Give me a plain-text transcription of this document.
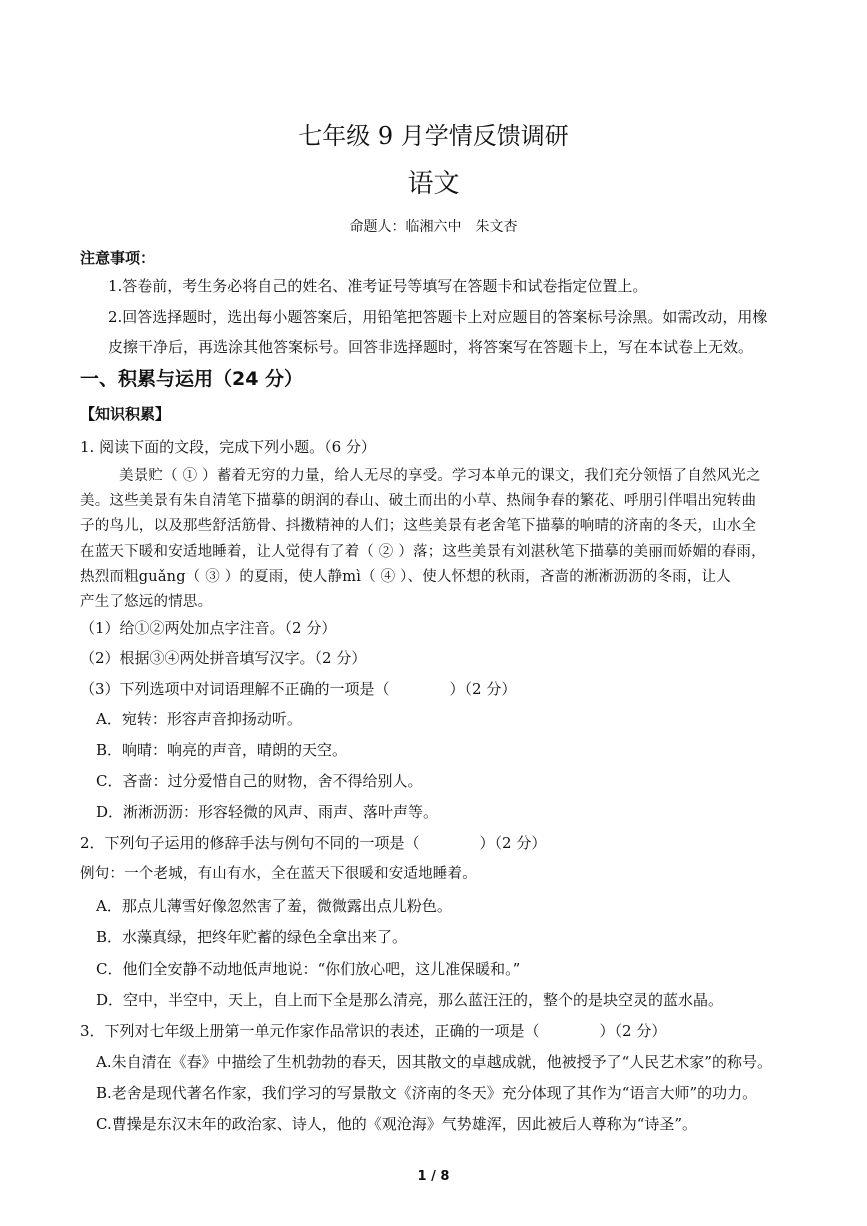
七年级 9 月学情反馈调研
语文
命题人：临湘六中　朱文杏
注意事项：
1.答卷前，考生务必将自己的姓名、准考证号等填写在答题卡和试卷指定位置上。
2.回答选择题时，选出每小题答案后，用铅笔把答题卡上对应题目的答案标号涂黑。如需改动，用橡
皮擦干净后，再选涂其他答案标号。回答非选择题时，将答案写在答题卡上，写在本试卷上无效。
一、积累与运用（24 分）
【知识积累】
1. 阅读下面的文段，完成下列小题。（6 分）
美景贮（ ① ）蓄着无穷的力量，给人无尽的享受。学习本单元的课文，我们充分领悟了自然风光之
美。这些美景有朱自清笔下描摹的朗润的春山、破土而出的小草、热闹争春的繁花、呼朋引伴唱出宛转曲
子的鸟儿，以及那些舒活筋骨、抖擞精神的人们；这些美景有老舍笔下描摹的响晴的济南的冬天，山水全
在蓝天下暖和安适地睡着，让人觉得有了着（ ② ）落；这些美景有刘湛秋笔下描摹的美丽而娇媚的春雨，
热烈而粗guǎng（ ③ ）的夏雨，使人静mì（ ④ ）、使人怀想的秋雨，吝啬的淅淅沥沥的冬雨，让人
产生了悠远的情思。
（1）给①②两处加点字注音。（2 分）
（2）根据③④两处拼音填写汉字。（2 分）
（3）下列选项中对词语理解不正确的一项是（　　　　）（2 分）
A．宛转：形容声音抑扬动听。
B．响晴：响亮的声音，晴朗的天空。
C．吝啬：过分爱惜自己的财物，舍不得给别人。
D．淅淅沥沥：形容轻微的风声、雨声、落叶声等。
2．下列句子运用的修辞手法与例句不同的一项是（　　　　）（2 分）
例句：一个老城，有山有水，全在蓝天下很暖和安适地睡着。
A．那点儿薄雪好像忽然害了羞，微微露出点儿粉色。
B．水藻真绿，把终年贮蓄的绿色全拿出来了。
C．他们全安静不动地低声地说：“你们放心吧，这儿准保暖和。”
D．空中，半空中，天上，自上而下全是那么清亮，那么蓝汪汪的，整个的是块空灵的蓝水晶。
3．下列对七年级上册第一单元作家作品常识的表述，正确的一项是（　　　　）（2 分）
A.朱自清在《春》中描绘了生机勃勃的春天，因其散文的卓越成就，他被授予了“人民艺术家”的称号。
B.老舍是现代著名作家，我们学习的写景散文《济南的冬天》充分体现了其作为“语言大师”的功力。
C.曹操是东汉末年的政治家、诗人，他的《观沧海》气势雄浑，因此被后人尊称为“诗圣”。
1 / 8
